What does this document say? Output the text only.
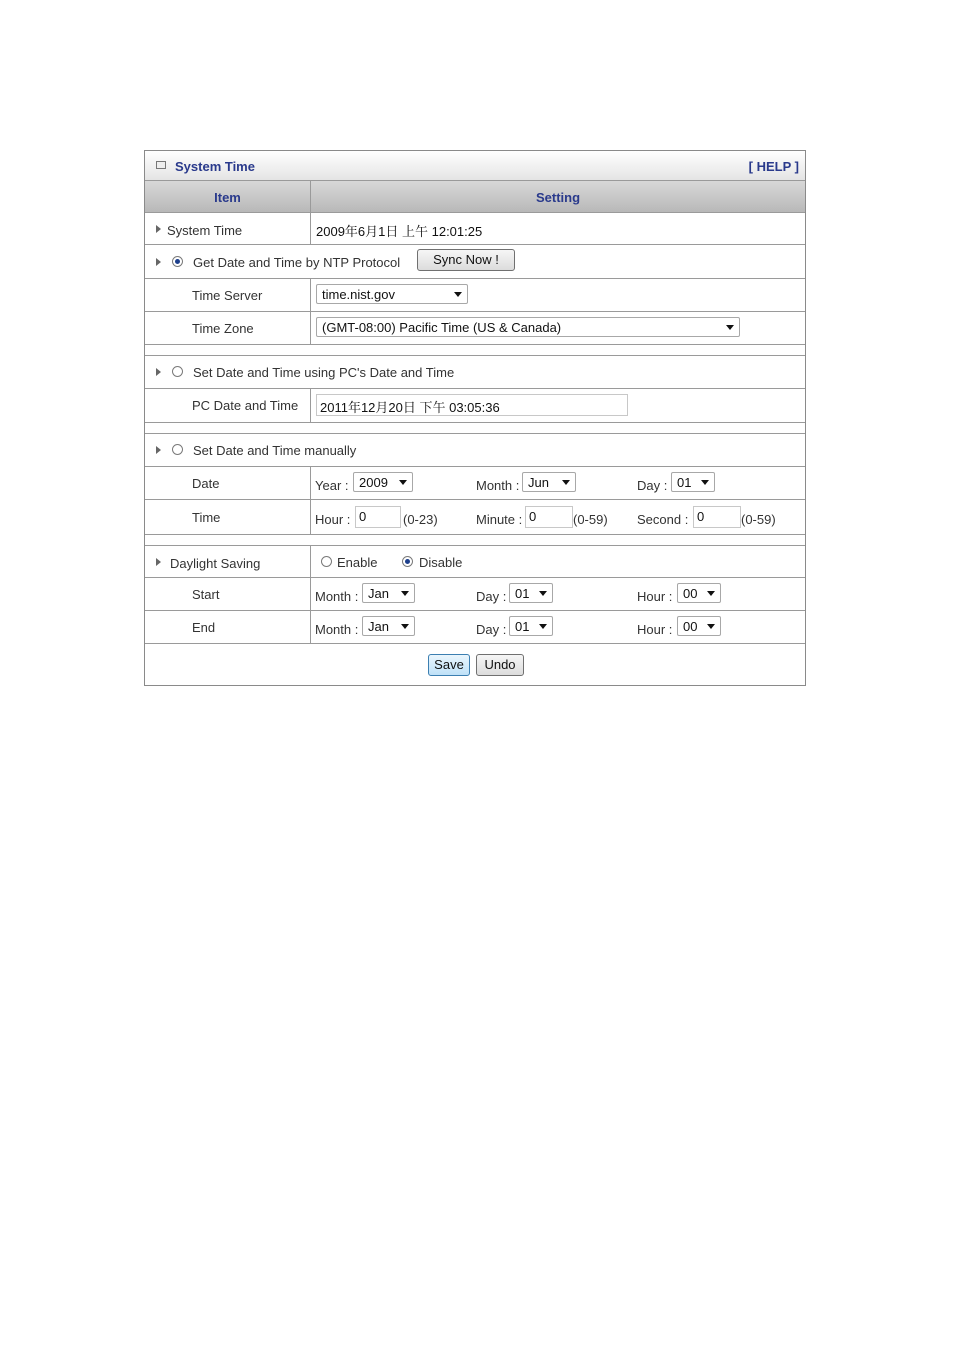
System Time	[ HELP ]
Item	Setting
System Time	2009年6月1日 上午 12:01:25
Get Date and Time by NTP Protocol	Sync Now !
Time Server	time.nist.gov
Time Zone	(GMT-08:00) Pacific Time (US & Canada)
Set Date and Time using PC's Date and Time
PC Date and Time 2011年12月20日 下午 03:05:36
Set Date and Time manually
Date	Year : 2009	Month : Jun	Day : 01
Time	Hour : 0	(0-23)	Minute : 0	(0-59) Second : 0	(0-59)
Daylight Saving	Enable	Disable
Start	Month : Jan	Day : 01	Hour : 00
End	Month : Jan	Day : 01	Hour : 00
Save	Undo
